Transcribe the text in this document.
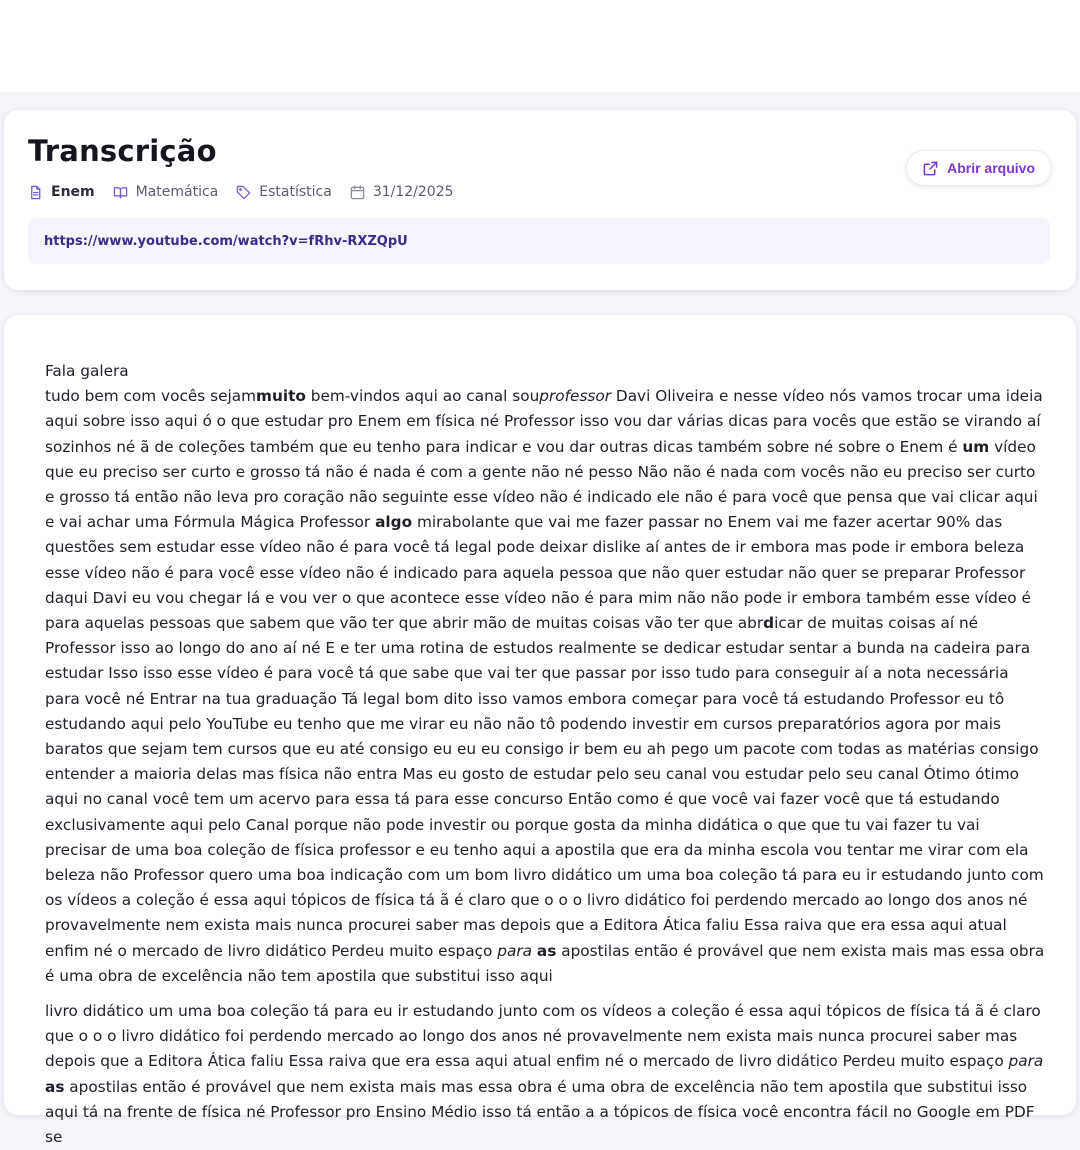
Transcrição
Enem	Matemática	Estatística	31/12/2025
Abrir arquivo
https://www.youtube.com/watch?v=fRhv-RXZQpU

Fala galera
tudo bem com vocês sejammuito bem-vindos aqui ao canal souprofessor Davi Oliveira e nesse vídeo nós vamos trocar uma ideia aqui sobre isso aqui ó o que estudar pro Enem em física né Professor isso vou dar várias dicas para vocês que estão se virando aí sozinhos né ã de coleções também que eu tenho para indicar e vou dar outras dicas também sobre né sobre o Enem é um vídeo que eu preciso ser curto e grosso tá não é nada é com a gente não né pesso Não não é nada com vocês não eu preciso ser curto e grosso tá então não leva pro coração não seguinte esse vídeo não é indicado ele não é para você que pensa que vai clicar aqui e vai achar uma Fórmula Mágica Professor algo mirabolante que vai me fazer passar no Enem vai me fazer acertar 90% das questões sem estudar esse vídeo não é para você tá legal pode deixar dislike aí antes de ir embora mas pode ir embora beleza esse vídeo não é para você esse vídeo não é indicado para aquela pessoa que não quer estudar não quer se preparar Professor daqui Davi eu vou chegar lá e vou ver o que acontece esse vídeo não é para mim não não pode ir embora também esse vídeo é para aquelas pessoas que sabem que vão ter que abrir mão de muitas coisas vão ter que abrdicar de muitas coisas aí né Professor isso ao longo do ano aí né E e ter uma rotina de estudos realmente se dedicar estudar sentar a bunda na cadeira para estudar Isso isso esse vídeo é para você tá que sabe que vai ter que passar por isso tudo para conseguir aí a nota necessária para você né Entrar na tua graduação Tá legal bom dito isso vamos embora começar para você tá estudando Professor eu tô estudando aqui pelo YouTube eu tenho que me virar eu não não tô podendo investir em cursos preparatórios agora por mais baratos que sejam tem cursos que eu até consigo eu eu eu consigo ir bem eu ah pego um pacote com todas as matérias consigo entender a maioria delas mas física não entra Mas eu gosto de estudar pelo seu canal vou estudar pelo seu canal Ótimo ótimo aqui no canal você tem um acervo para essa tá para esse concurso Então como é que você vai fazer você que tá estudando exclusivamente aqui pelo Canal porque não pode investir ou porque gosta da minha didática o que que tu vai fazer tu vai precisar de uma boa coleção de física professor e eu tenho aqui a apostila que era da minha escola vou tentar me virar com ela beleza não Professor quero uma boa indicação com um bom livro didático um uma boa coleção tá para eu ir estudando junto com os vídeos a coleção é essa aqui tópicos de física tá ã é claro que o o o livro didático foi perdendo mercado ao longo dos anos né provavelmente nem exista mais nunca procurei saber mas depois que a Editora Ática faliu Essa raiva que era essa aqui atual enfim né o mercado de livro didático Perdeu muito espaço para as apostilas então é provável que nem exista mais mas essa obra é uma obra de excelência não tem apostila que substitui isso aqui

livro didático um uma boa coleção tá para eu ir estudando junto com os vídeos a coleção é essa aqui tópicos de física tá ã é claro que o o o livro didático foi perdendo mercado ao longo dos anos né provavelmente nem exista mais nunca procurei saber mas depois que a Editora Ática faliu Essa raiva que era essa aqui atual enfim né o mercado de livro didático Perdeu muito espaço para as apostilas então é provável que nem exista mais mas essa obra é uma obra de excelência não tem apostila que substitui isso aqui tá na frente de física né Professor pro Ensino Médio isso tá então a a tópicos de física você encontra fácil no Google em PDF se
